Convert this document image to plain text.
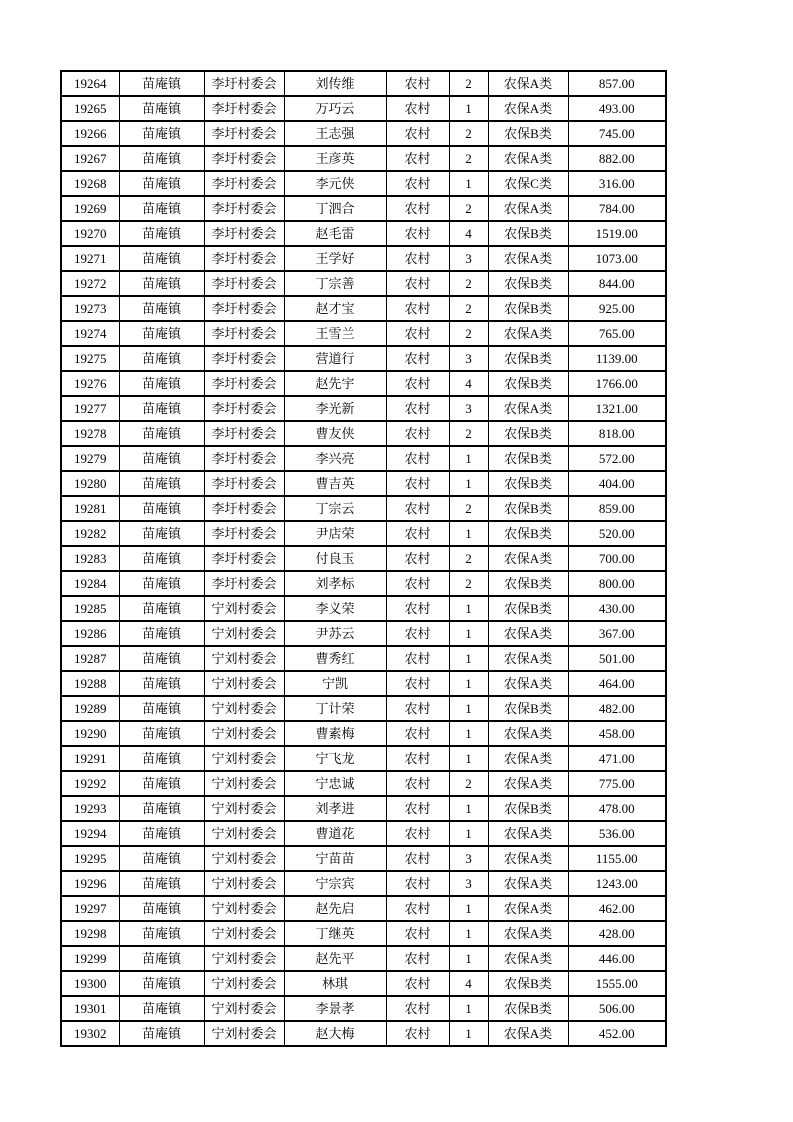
19264	苗庵镇	李圩村委会	刘传维	农村	2	农保A类	857.00
19265	苗庵镇	李圩村委会	万巧云	农村	1	农保A类	493.00
19266	苗庵镇	李圩村委会	王志强	农村	2	农保B类	745.00
19267	苗庵镇	李圩村委会	王彦英	农村	2	农保A类	882.00
19268	苗庵镇	李圩村委会	李元侠	农村	1	农保C类	316.00
19269	苗庵镇	李圩村委会	丁泗合	农村	2	农保A类	784.00
19270	苗庵镇	李圩村委会	赵毛雷	农村	4	农保B类	1519.00
19271	苗庵镇	李圩村委会	王学好	农村	3	农保A类	1073.00
19272	苗庵镇	李圩村委会	丁宗善	农村	2	农保B类	844.00
19273	苗庵镇	李圩村委会	赵才宝	农村	2	农保B类	925.00
19274	苗庵镇	李圩村委会	王雪兰	农村	2	农保A类	765.00
19275	苗庵镇	李圩村委会	营道行	农村	3	农保B类	1139.00
19276	苗庵镇	李圩村委会	赵先宇	农村	4	农保B类	1766.00
19277	苗庵镇	李圩村委会	李光新	农村	3	农保A类	1321.00
19278	苗庵镇	李圩村委会	曹友侠	农村	2	农保B类	818.00
19279	苗庵镇	李圩村委会	李兴亮	农村	1	农保B类	572.00
19280	苗庵镇	李圩村委会	曹吉英	农村	1	农保B类	404.00
19281	苗庵镇	李圩村委会	丁宗云	农村	2	农保B类	859.00
19282	苗庵镇	李圩村委会	尹店荣	农村	1	农保B类	520.00
19283	苗庵镇	李圩村委会	付良玉	农村	2	农保A类	700.00
19284	苗庵镇	李圩村委会	刘孝标	农村	2	农保B类	800.00
19285	苗庵镇	宁刘村委会	李义荣	农村	1	农保B类	430.00
19286	苗庵镇	宁刘村委会	尹苏云	农村	1	农保A类	367.00
19287	苗庵镇	宁刘村委会	曹秀红	农村	1	农保A类	501.00
19288	苗庵镇	宁刘村委会	宁凯	农村	1	农保A类	464.00
19289	苗庵镇	宁刘村委会	丁计荣	农村	1	农保B类	482.00
19290	苗庵镇	宁刘村委会	曹素梅	农村	1	农保A类	458.00
19291	苗庵镇	宁刘村委会	宁飞龙	农村	1	农保A类	471.00
19292	苗庵镇	宁刘村委会	宁忠诚	农村	2	农保A类	775.00
19293	苗庵镇	宁刘村委会	刘孝进	农村	1	农保B类	478.00
19294	苗庵镇	宁刘村委会	曹道花	农村	1	农保A类	536.00
19295	苗庵镇	宁刘村委会	宁苗苗	农村	3	农保A类	1155.00
19296	苗庵镇	宁刘村委会	宁宗宾	农村	3	农保A类	1243.00
19297	苗庵镇	宁刘村委会	赵先启	农村	1	农保A类	462.00
19298	苗庵镇	宁刘村委会	丁继英	农村	1	农保A类	428.00
19299	苗庵镇	宁刘村委会	赵先平	农村	1	农保A类	446.00
19300	苗庵镇	宁刘村委会	林琪	农村	4	农保B类	1555.00
19301	苗庵镇	宁刘村委会	李景孝	农村	1	农保B类	506.00
19302	苗庵镇	宁刘村委会	赵大梅	农村	1	农保A类	452.00
